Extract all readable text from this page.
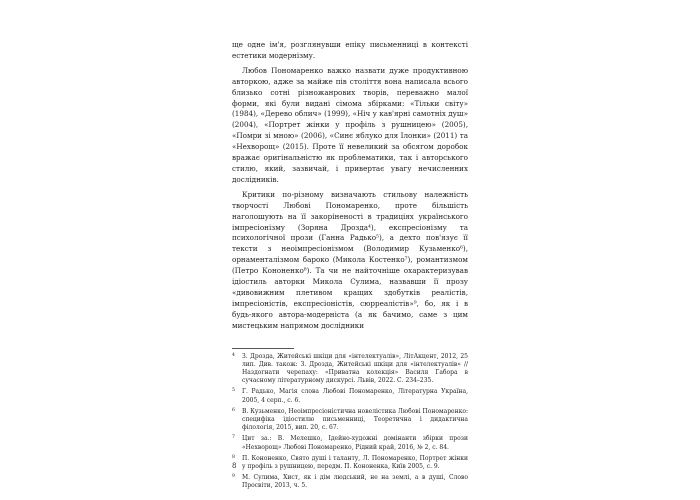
ще одне ім'я, розглянувши епіку письменниці в контексті естетики модернізму.

Любов Пономаренко важко назвати дуже продуктивною авторкою, адже за майже пів століття вона написала всього близько сотні різножанрових творів, переважно малої форми, які були видані сімома збірками: «Тільки світу» (1984), «Дерево облич» (1999), «Ніч у кав'ярні самотніх душ» (2004), «Портрет жінки у профіль з рушницею» (2005), «Помри зі мною» (2006), «Синє яблуко для Ілонки» (2011) та «Нехворощ» (2015). Проте її невеликий за обсягом доробок вражає оригінальністю як проблематики, так і авторського стилю, який, зазвичай, і привертає увагу нечисленних дослідників.

Критики по-різному визначають стильову належність творчості Любові Пономаренко, проте більшість наголошують на її закоріненості в традиціях українського імпресіонізму (Зоряна Дрозда⁴), експресіонізму та психологічної прози (Ганна Радько⁵), а дехто пов'язує її тексти з неоімпресіонізмом (Володимир Кузьменко⁶), орнаменталізмом бароко (Микола Костенко⁷), романтизмом (Петро Кононенко⁸). Та чи не найточніше охарактеризував ідіостиль авторки Микола Сулима, назвавши її прозу «дивовижним плетивом кращих здобутків реалістів, імпресіоністів, експресіоністів, сюрреалістів»⁹, бо, як і в будь-якого автора-модерніста (а як бачимо, саме з цим мистецьким напрямом дослідники

4 З. Дрозда, Житейські шкіци для «інтелектуалів», ЛітАкцент, 2012, 25 лип. Див. також: З. Дрозда, Житейські шкіци для «інтелектуалів» // Наздогнати черепаху: «Приватна колекція» Василя Габора в сучасному літературному дискурсі. Львів, 2022. С. 234–235.
5 Г. Радько, Магія слова Любові Пономаренко, Літературна Україна, 2005, 4 серп., с. 6.
6 В. Кузьменко, Неоімпресіоністична новелістика Любові Пономаренко: специфіка ідіостилю письменниці, Теоретична і дидактична філологія, 2015, вип. 20, с. 67.
7 Цит за.: В. Мелешко, Ідейно-художні домінанти збірки прози «Нехворощ» Любові Пономаренко, Рідний край, 2016, № 2, с. 84.
8 П. Кононенко, Свято душі і таланту, Л. Пономаренко, Портрет жінки у профіль з рушницею, передм. П. Кононенка, Київ 2005, с. 9.
9 М. Сулима, Хист, як і дім людський, не на землі, а в душі, Слово Просвіти, 2013, ч. 5.
8
